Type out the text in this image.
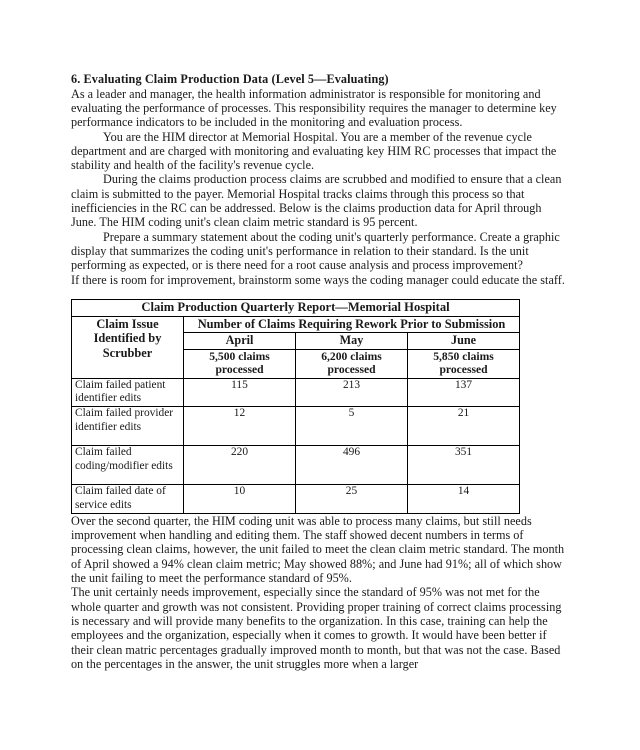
6. Evaluating Claim Production Data (Level 5—Evaluating)

As a leader and manager, the health information administrator is responsible for monitoring and evaluating the performance of processes. This responsibility requires the manager to determine key performance indicators to be included in the monitoring and evaluation process.

You are the HIM director at Memorial Hospital. You are a member of the revenue cycle department and are charged with monitoring and evaluating key HIM RC processes that impact the stability and health of the facility's revenue cycle.

During the claims production process claims are scrubbed and modified to ensure that a clean claim is submitted to the payer. Memorial Hospital tracks claims through this process so that inefficiencies in the RC can be addressed. Below is the claims production data for April through June. The HIM coding unit's clean claim metric standard is 95 percent.

Prepare a summary statement about the coding unit's quarterly performance. Create a graphic display that summarizes the coding unit's performance in relation to their standard. Is the unit performing as expected, or is there need for a root cause analysis and process improvement?

If there is room for improvement, brainstorm some ways the coding manager could educate the staff.

Claim Production Quarterly Report—Memorial Hospital			
Claim Issue Identified by Scrubber	Number of Claims Requiring Rework Prior to Submission		
	April	May	June
	5,500 claims processed	6,200 claims processed	5,850 claims processed
Claim failed patient identifier edits	115	213	137
Claim failed provider identifier edits	12	5	21
Claim failed coding/modifier edits	220	496	351
Claim failed date of service edits	10	25	14

Over the second quarter, the HIM coding unit was able to process many claims, but still needs improvement when handling and editing them. The staff showed decent numbers in terms of processing clean claims, however, the unit failed to meet the clean claim metric standard. The month of April showed a 94% clean claim metric; May showed 88%; and June had 91%; all of which show the unit failing to meet the performance standard of 95%.

The unit certainly needs improvement, especially since the standard of 95% was not met for the whole quarter and growth was not consistent. Providing proper training of correct claims processing is necessary and will provide many benefits to the organization. In this case, training can help the employees and the organization, especially when it comes to growth. It would have been better if their clean matric percentages gradually improved month to month, but that was not the case. Based on the percentages in the answer, the unit struggles more when a larger
